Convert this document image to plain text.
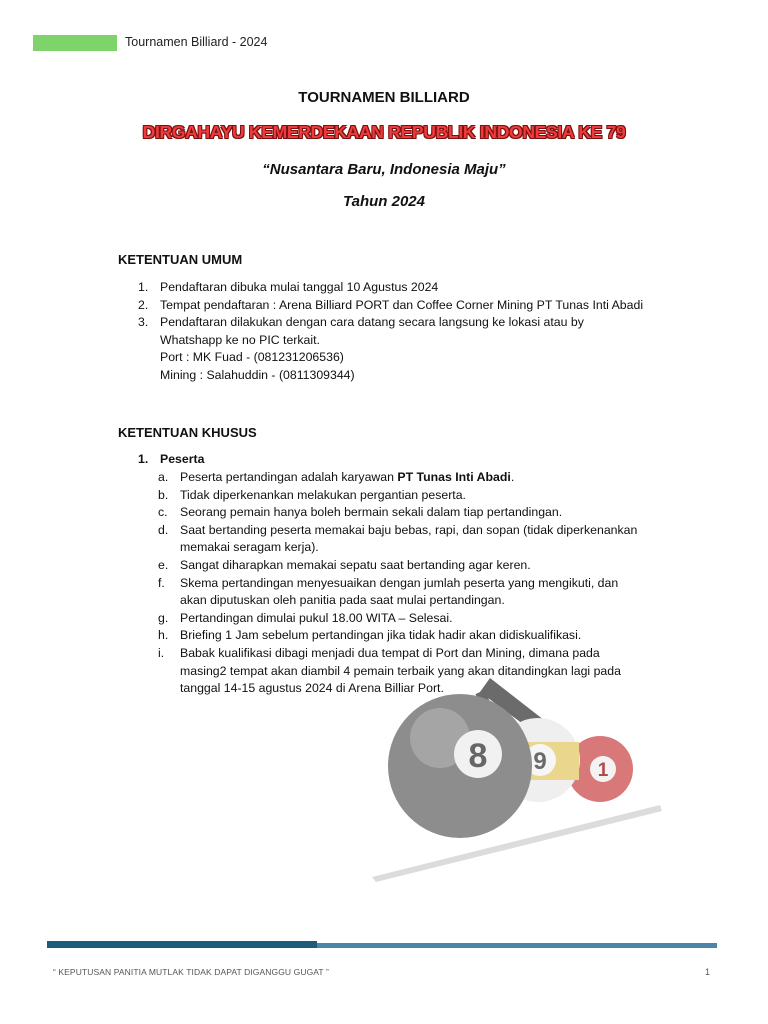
Tournamen Billiard - 2024
TOURNAMEN BILLIARD
DIRGAHAYU KEMERDEKAAN REPUBLIK INDONESIA KE 79
“Nusantara Baru, Indonesia Maju”
Tahun 2024
KETENTUAN UMUM
1. Pendaftaran dibuka mulai tanggal 10 Agustus 2024
2. Tempat pendaftaran : Arena Billiard PORT dan Coffee Corner Mining PT Tunas Inti Abadi
3. Pendaftaran dilakukan dengan cara datang secara langsung ke lokasi atau by
Whatshapp ke no PIC terkait.
Port : MK Fuad - (081231206536)
Mining : Salahuddin - (0811309344)
KETENTUAN KHUSUS
1. Peserta
a. Peserta pertandingan adalah karyawan PT Tunas Inti Abadi.
b. Tidak diperkenankan melakukan pergantian peserta.
c. Seorang pemain hanya boleh bermain sekali dalam tiap pertandingan.
d. Saat bertanding peserta memakai baju bebas, rapi, dan sopan (tidak diperkenankan
memakai seragam kerja).
e. Sangat diharapkan memakai sepatu saat bertanding agar keren.
f. Skema pertandingan menyesuaikan dengan jumlah peserta yang mengikuti, dan
akan diputuskan oleh panitia pada saat mulai pertandingan.
g. Pertandingan dimulai pukul 18.00 WITA – Selesai.
h. Briefing 1 Jam sebelum pertandingan jika tidak hadir akan didiskualifikasi.
i. Babak kualifikasi dibagi menjadi dua tempat di Port dan Mining, dimana pada
masing2 tempat akan diambil 4 pemain terbaik yang akan ditandingkan lagi pada
tanggal 14-15 agustus 2024 di Arena Billiar Port.
1
9
8
“ KEPUTUSAN PANITIA MUTLAK TIDAK DAPAT DIGANGGU GUGAT ”	1
